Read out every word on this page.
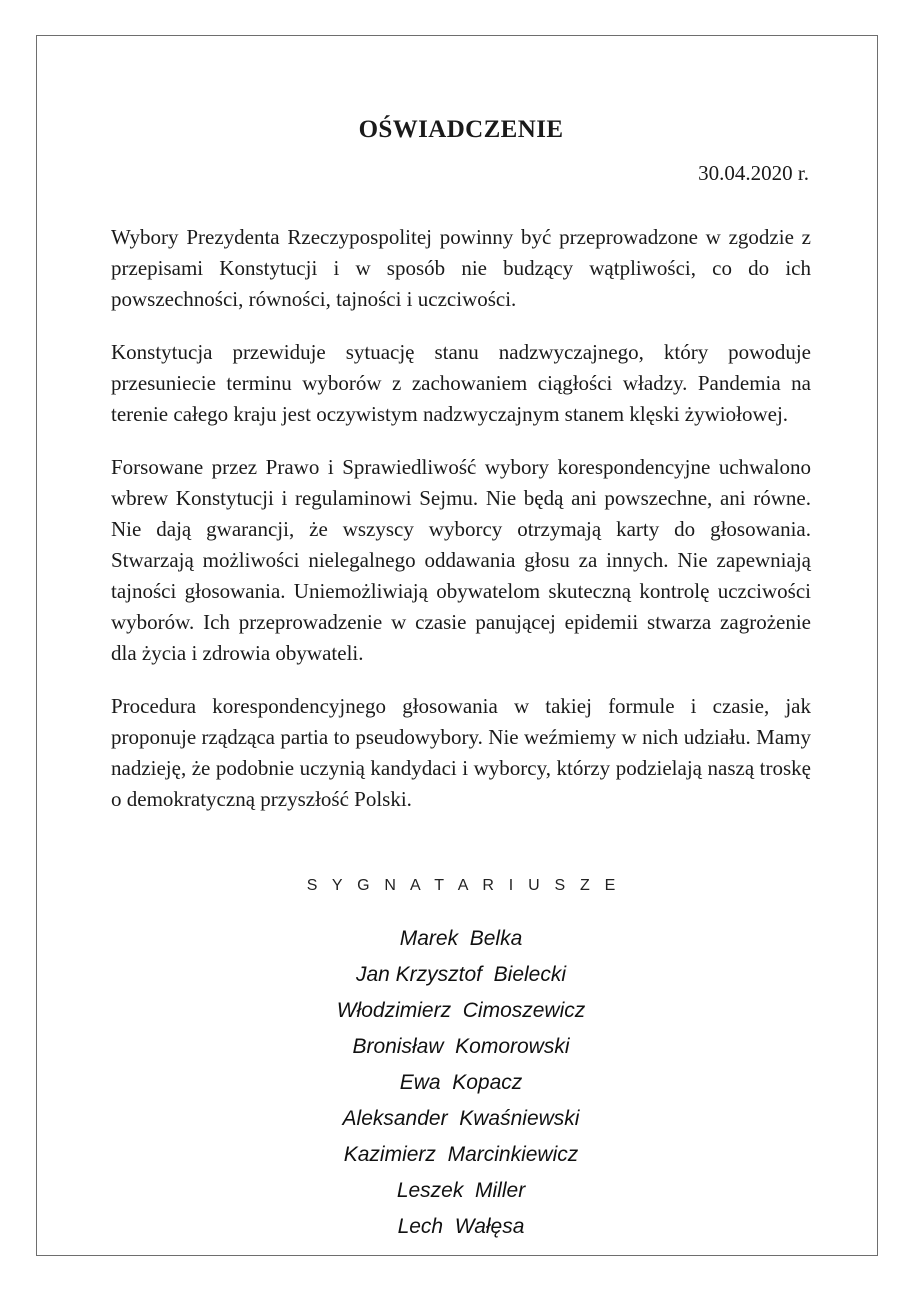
OŚWIADCZENIE

30.04.2020 r.

Wybory Prezydenta Rzeczypospolitej powinny być przeprowadzone w zgodzie z przepisami Konstytucji i w sposób nie budzący wątpliwości, co do ich powszechności, równości, tajności i uczciwości.

Konstytucja przewiduje sytuację stanu nadzwyczajnego, który powoduje przesuniecie terminu wyborów z zachowaniem ciągłości władzy. Pandemia na terenie całego kraju jest oczywistym nadzwyczajnym stanem klęski żywiołowej.

Forsowane przez Prawo i Sprawiedliwość wybory korespondencyjne uchwalono wbrew Konstytucji i regulaminowi Sejmu. Nie będą ani powszechne, ani równe. Nie dają gwarancji, że wszyscy wyborcy otrzymają karty do głosowania. Stwarzają możliwości nielegalnego oddawania głosu za innych. Nie zapewniają tajności głosowania. Uniemożliwiają obywatelom skuteczną kontrolę uczciwości wyborów. Ich przeprowadzenie w czasie panującej epidemii stwarza zagrożenie dla życia i zdrowia obywateli.

Procedura korespondencyjnego głosowania w takiej formule i czasie, jak proponuje rządząca partia to pseudowybory. Nie weźmiemy w nich udziału. Mamy nadzieję, że podobnie uczynią kandydaci i wyborcy, którzy podzielają naszą troskę o demokratyczną przyszłość Polski.

S Y G N A T A R I U S Z E
Marek  Belka
Jan Krzysztof  Bielecki
Włodzimierz  Cimoszewicz
Bronisław  Komorowski
Ewa  Kopacz
Aleksander  Kwaśniewski
Kazimierz  Marcinkiewicz
Leszek  Miller
Lech  Wałęsa
